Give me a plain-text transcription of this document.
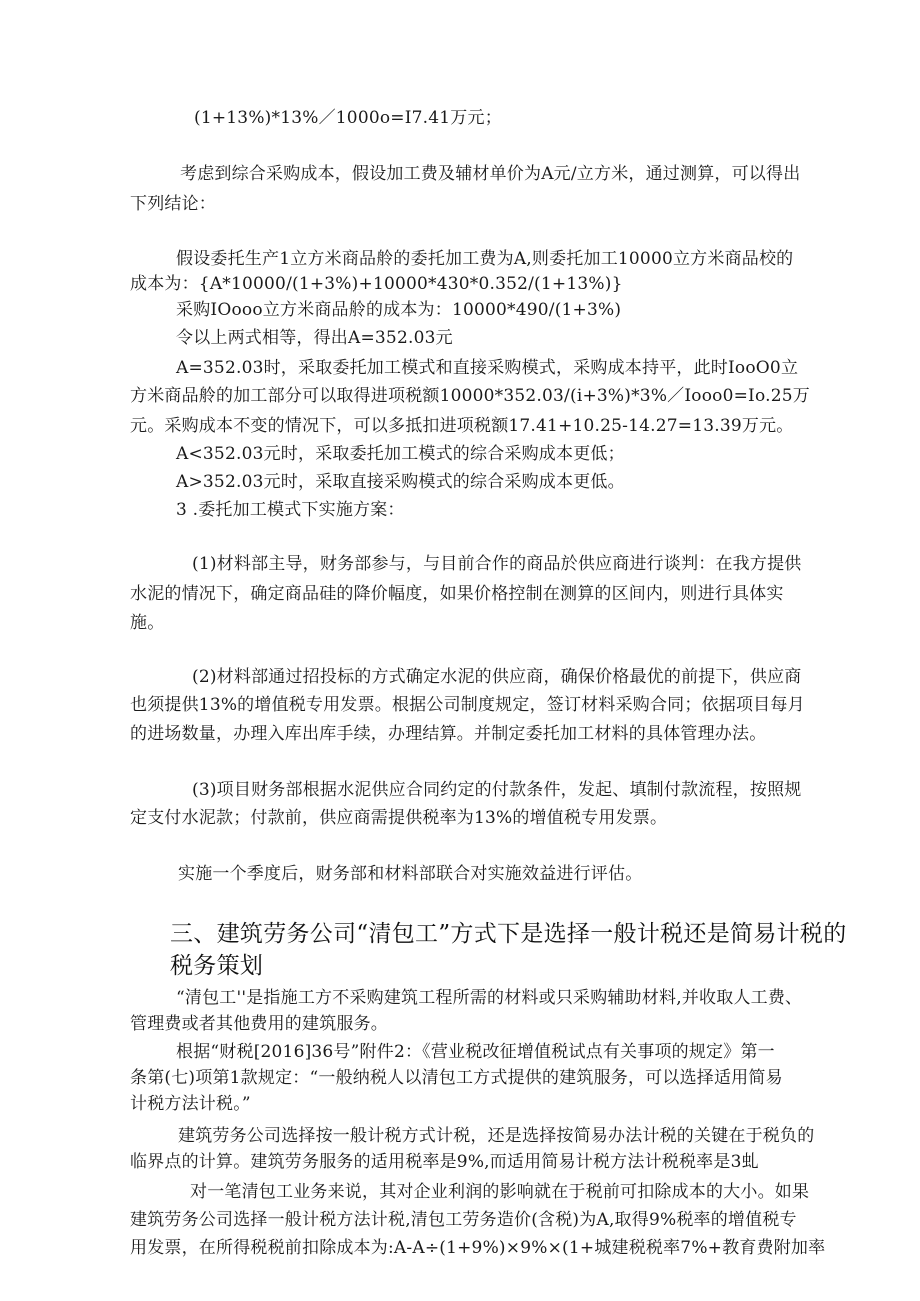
(1+13%)*13%／1000o=I7.41万元；
考虑到综合采购成本，假设加工费及辅材单价为A元/立方米，通过测算，可以得出
下列结论：
假设委托生产1立方米商品舲的委托加工费为A,则委托加工10000立方米商品校的
成本为：{A*10000/(1+3%)+10000*430*0.352/(1+13%)}
采购IOooo立方米商品舲的成本为：10000*490/(1+3%)
令以上两式相等，得出A=352.03元
A=352.03时，采取委托加工模式和直接采购模式，采购成本持平，此时IooO0立
方米商品舲的加工部分可以取得进项税额10000*352.03/(i+3%)*3%／Iooo0=Io.25万
元。采购成本不变的情况下，可以多抵扣进项税额17.41+10.25-14.27=13.39万元。
A<352.03元时，采取委托加工模式的综合采购成本更低；
A>352.03元时，采取直接采购模式的综合采购成本更低。
3 .委托加工模式下实施方案：
(1)材料部主导，财务部参与，与目前合作的商品於供应商进行谈判：在我方提供
水泥的情况下，确定商品硅的降价幅度，如果价格控制在测算的区间内，则进行具体实
施。
(2)材料部通过招投标的方式确定水泥的供应商，确保价格最优的前提下，供应商
也须提供13%的增值税专用发票。根据公司制度规定，签订材料采购合同；依据项目每月
的进场数量，办理入库出库手续，办理结算。并制定委托加工材料的具体管理办法。
(3)项目财务部根据水泥供应合同约定的付款条件，发起、填制付款流程，按照规
定支付水泥款；付款前，供应商需提供税率为13%的增值税专用发票。
实施一个季度后，财务部和材料部联合对实施效益进行评估。
三、建筑劳务公司“清包工”方式下是选择一般计税还是简易计税的
税务策划
“清包工''是指施工方不采购建筑工程所需的材料或只采购辅助材料,并收取人工费、
管理费或者其他费用的建筑服务。
根据“财税[2016]36号”附件2：《营业税改征增值税试点有关事项的规定》第一
条第(七)项第1款规定：“一般纳税人以清包工方式提供的建筑服务，可以选择适用简易
计税方法计税。”
建筑劳务公司选择按一般计税方式计税，还是选择按简易办法计税的关键在于税负的
临界点的计算。建筑劳务服务的适用税率是9%,而适用简易计税方法计税税率是3虬
对一笔清包工业务来说，其对企业利润的影响就在于税前可扣除成本的大小。如果
建筑劳务公司选择一般计税方法计税,清包工劳务造价(含税)为A,取得9%税率的增值税专
用发票，在所得税税前扣除成本为:A-A÷(1+9%)×9%×(1+城建税税率7%+教育费附加率
